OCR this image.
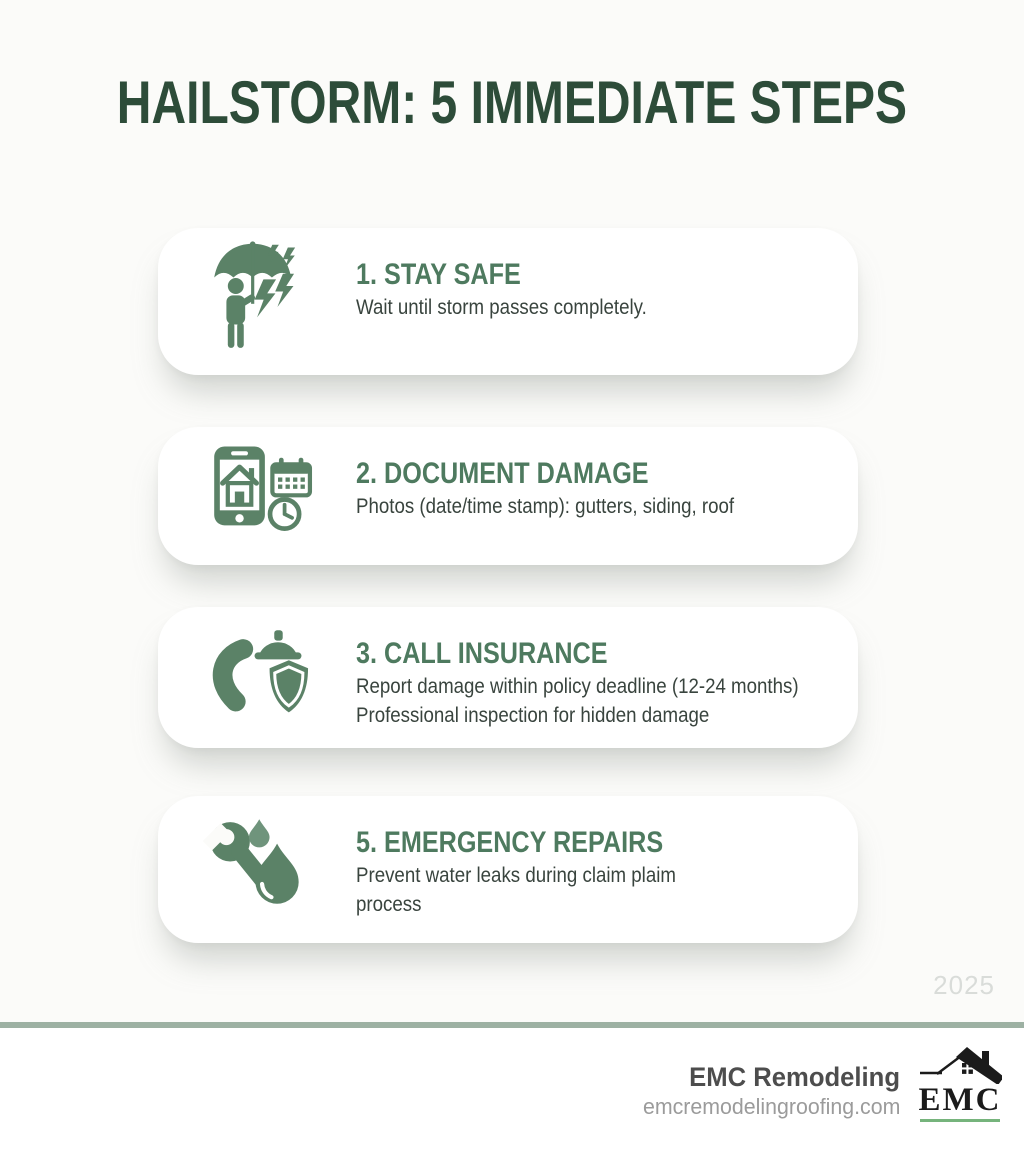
HAILSTORM: 5 IMMEDIATE STEPS
1. STAY SAFE
Wait until storm passes completely.
2. DOCUMENT DAMAGE
Photos (date/time stamp): gutters, siding, roof
3. CALL INSURANCE
Report damage within policy deadline (12-24 months)
Professional inspection for hidden damage
5. EMERGENCY REPAIRS
Prevent water leaks during claim plaim
process
2025
EMC Remodeling
emcremodelingroofing.com EMC
